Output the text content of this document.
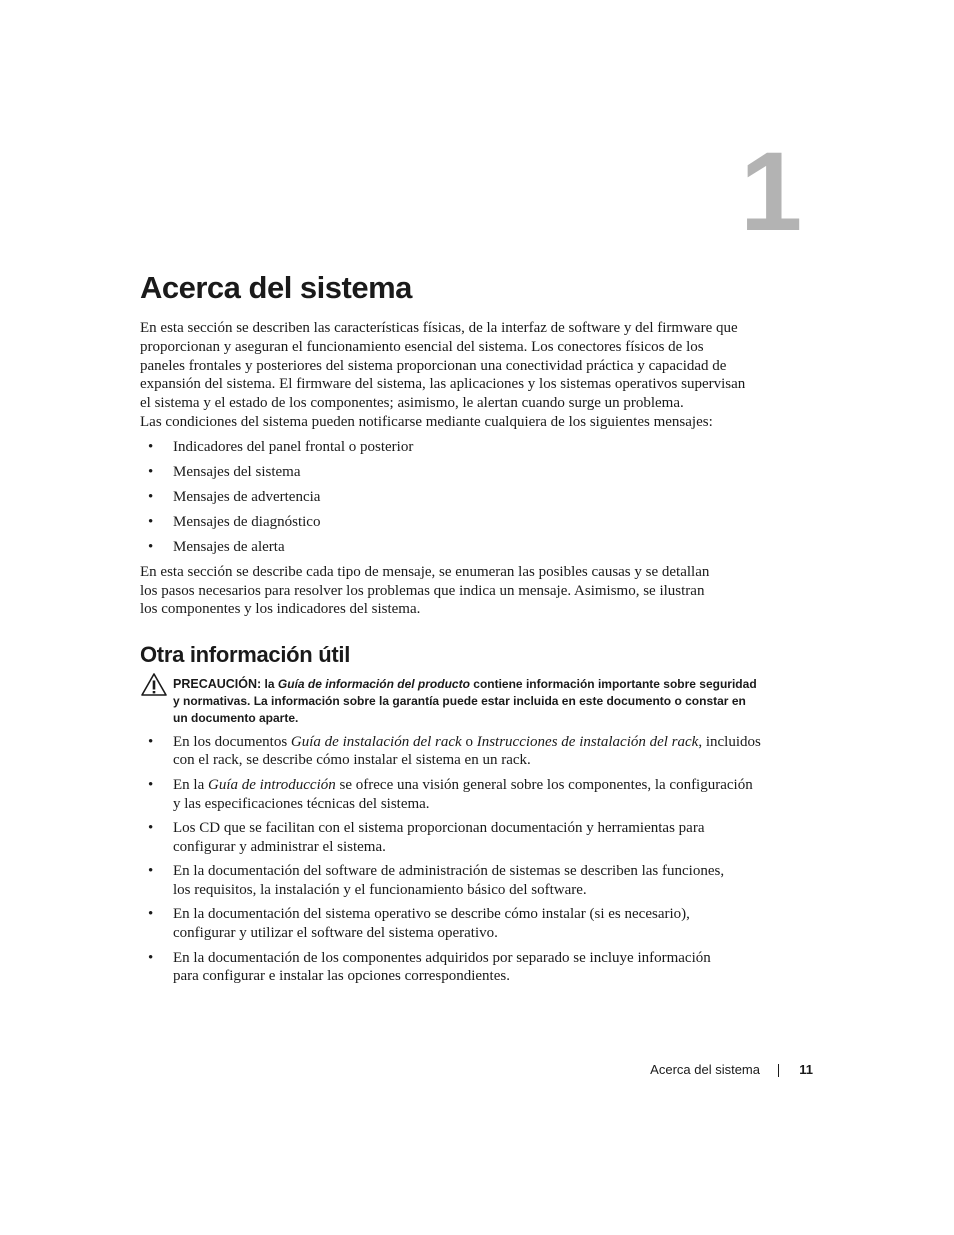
1
Acerca del sistema
En esta sección se describen las características físicas, de la interfaz de software y del firmware que
proporcionan y aseguran el funcionamiento esencial del sistema. Los conectores físicos de los
paneles frontales y posteriores del sistema proporcionan una conectividad práctica y capacidad de
expansión del sistema. El firmware del sistema, las aplicaciones y los sistemas operativos supervisan
el sistema y el estado de los componentes; asimismo, le alertan cuando surge un problema.
Las condiciones del sistema pueden notificarse mediante cualquiera de los siguientes mensajes:
• Indicadores del panel frontal o posterior
• Mensajes del sistema
• Mensajes de advertencia
• Mensajes de diagnóstico
• Mensajes de alerta
En esta sección se describe cada tipo de mensaje, se enumeran las posibles causas y se detallan
los pasos necesarios para resolver los problemas que indica un mensaje. Asimismo, se ilustran
los componentes y los indicadores del sistema.
Otra información útil
PRECAUCIÓN: la Guía de información del producto contiene información importante sobre seguridad
y normativas. La información sobre la garantía puede estar incluida en este documento o constar en
un documento aparte.
• En los documentos Guía de instalación del rack o Instrucciones de instalación del rack, incluidos
con el rack, se describe cómo instalar el sistema en un rack.
• En la Guía de introducción se ofrece una visión general sobre los componentes, la configuración
y las especificaciones técnicas del sistema.
• Los CD que se facilitan con el sistema proporcionan documentación y herramientas para
configurar y administrar el sistema.
• En la documentación del software de administración de sistemas se describen las funciones,
los requisitos, la instalación y el funcionamiento básico del software.
• En la documentación del sistema operativo se describe cómo instalar (si es necesario),
configurar y utilizar el software del sistema operativo.
• En la documentación de los componentes adquiridos por separado se incluye información
para configurar e instalar las opciones correspondientes.
Acerca del sistema	11
